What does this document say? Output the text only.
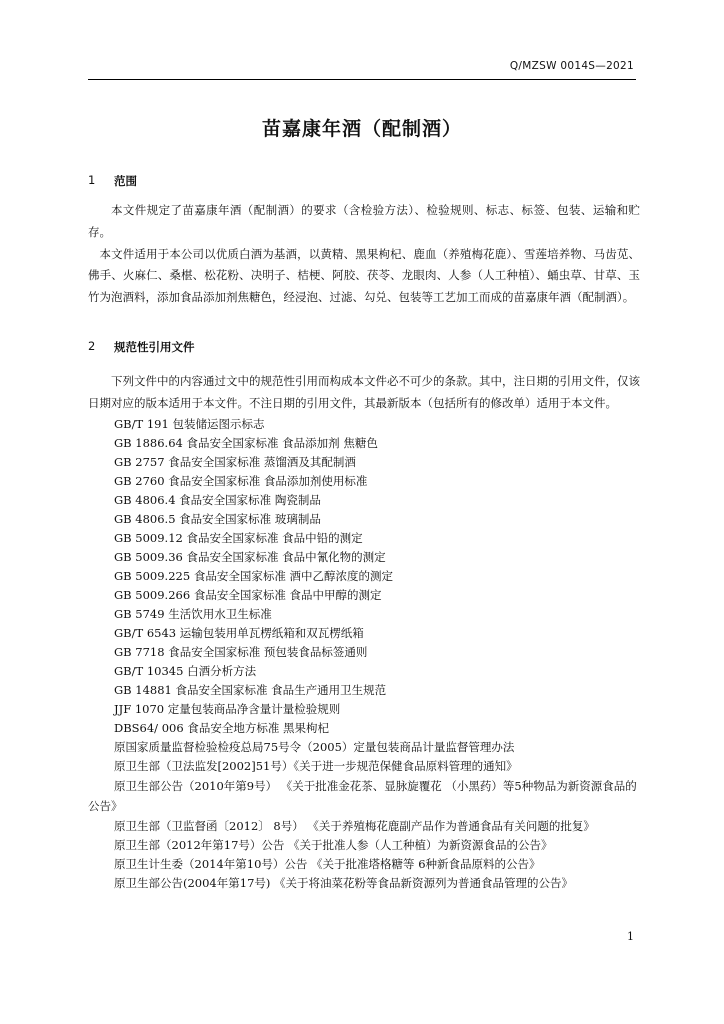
Q/MZSW 0014S—2021
苗嘉康年酒（配制酒）
1	范围

本文件规定了苗嘉康年酒（配制酒）的要求（含检验方法）、检验规则、标志、标签、包装、运输和贮存。

本文件适用于本公司以优质白酒为基酒，以黄精、黑果枸杞、鹿血（养殖梅花鹿）、雪莲培养物、马齿苋、佛手、火麻仁、桑椹、松花粉、决明子、桔梗、阿胶、茯苓、龙眼肉、人参（人工种植）、蛹虫草、甘草、玉竹为泡酒料，添加食品添加剂焦糖色，经浸泡、过滤、勾兑、包装等工艺加工而成的苗嘉康年酒（配制酒）。

2	规范性引用文件

下列文件中的内容通过文中的规范性引用而构成本文件必不可少的条款。其中，注日期的引用文件，仅该日期对应的版本适用于本文件。不注日期的引用文件，其最新版本（包括所有的修改单）适用于本文件。

GB/T 191 包装储运图示标志
GB 1886.64 食品安全国家标准 食品添加剂 焦糖色
GB 2757 食品安全国家标准 蒸馏酒及其配制酒
GB 2760 食品安全国家标准 食品添加剂使用标准
GB 4806.4 食品安全国家标准 陶瓷制品
GB 4806.5 食品安全国家标准 玻璃制品
GB 5009.12 食品安全国家标准 食品中铅的测定
GB 5009.36 食品安全国家标准 食品中氰化物的测定
GB 5009.225 食品安全国家标准 酒中乙醇浓度的测定
GB 5009.266 食品安全国家标准 食品中甲醇的测定
GB 5749 生活饮用水卫生标准
GB/T 6543 运输包装用单瓦楞纸箱和双瓦楞纸箱
GB 7718 食品安全国家标准 预包装食品标签通则
GB/T 10345 白酒分析方法
GB 14881 食品安全国家标准 食品生产通用卫生规范
JJF 1070 定量包装商品净含量计量检验规则
DBS64/ 006 食品安全地方标准 黑果枸杞
原国家质量监督检验检疫总局75号令（2005）定量包装商品计量监督管理办法
原卫生部（卫法监发[2002]51号）《关于进一步规范保健食品原料管理的通知》
原卫生部公告（2010年第9号） 《关于批准金花茶、显脉旋覆花 （小黑药）等5种物品为新资源食品的公告》
原卫生部（卫监督函〔2012〕 8号） 《关于养殖梅花鹿副产品作为普通食品有关问题的批复》
原卫生部（2012年第17号）公告 《关于批准人参（人工种植）为新资源食品的公告》
原卫生计生委（2014年第10号）公告 《关于批准塔格糖等 6种新食品原料的公告》
原卫生部公告(2004年第17号) 《关于将油菜花粉等食品新资源列为普通食品管理的公告》
1
